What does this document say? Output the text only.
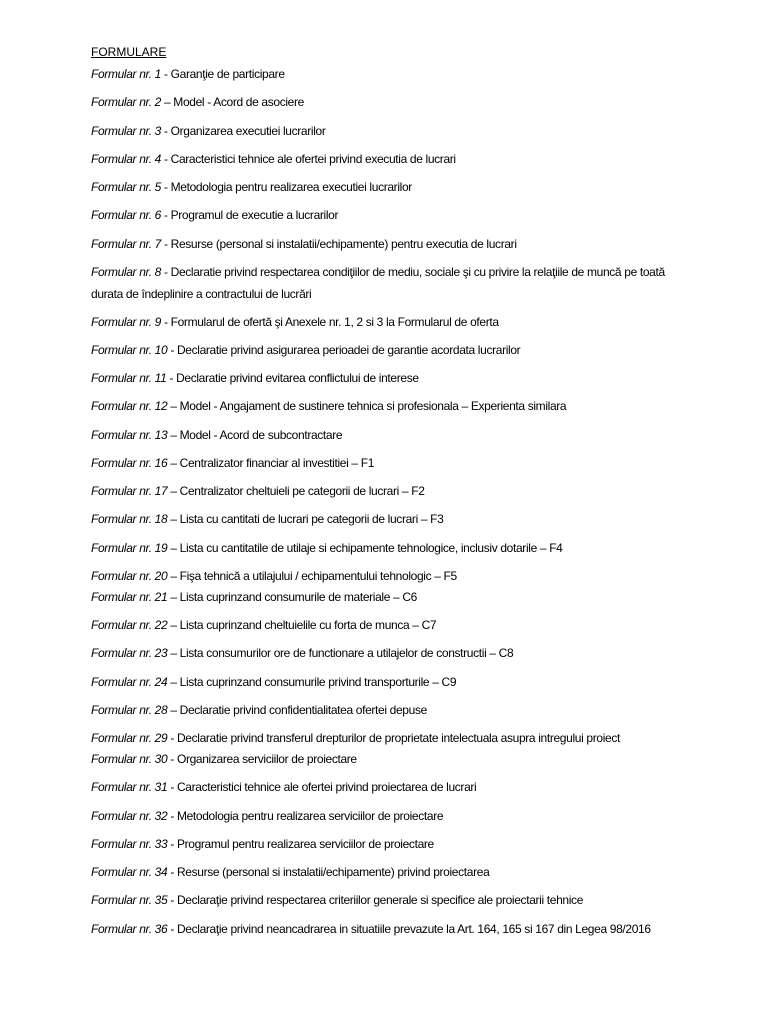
FORMULARE
Formular nr. 1 - Garanţie de participare
Formular nr. 2 – Model - Acord de asociere
Formular nr. 3 - Organizarea executiei lucrarilor
Formular nr. 4 - Caracteristici tehnice ale ofertei privind executia de lucrari
Formular nr. 5 - Metodologia pentru realizarea executiei lucrarilor
Formular nr. 6 - Programul de executie a lucrarilor
Formular nr. 7 - Resurse (personal si instalatii/echipamente) pentru executia de lucrari
Formular nr. 8 - Declaratie privind respectarea condiţiilor de mediu, sociale şi cu privire la relaţiile de muncă pe toată durata de îndeplinire a contractului de lucrări
Formular nr. 9 - Formularul de ofertă şi Anexele nr. 1, 2 si 3 la Formularul de oferta
Formular nr. 10 - Declaratie privind asigurarea perioadei de garantie acordata lucrarilor
Formular nr. 11 - Declaratie privind evitarea conflictului de interese
Formular nr. 12 – Model - Angajament de sustinere tehnica si profesionala – Experienta similara
Formular nr. 13 – Model - Acord de subcontractare
Formular nr. 16 – Centralizator financiar al investitiei – F1
Formular nr. 17 – Centralizator cheltuieli pe categorii de lucrari – F2
Formular nr. 18 – Lista cu cantitati de lucrari pe categorii de lucrari – F3
Formular nr. 19 – Lista cu cantitatile de utilaje si echipamente tehnologice, inclusiv dotarile – F4
Formular nr. 20 – Fişa tehnică a utilajului / echipamentului tehnologic – F5
Formular nr. 21 – Lista cuprinzand consumurile de materiale – C6
Formular nr. 22 – Lista cuprinzand cheltuielile cu forta de munca – C7
Formular nr. 23 – Lista consumurilor ore de functionare a utilajelor de constructii – C8
Formular nr. 24 – Lista cuprinzand consumurile privind transporturile – C9
Formular nr. 28 – Declaratie privind confidentialitatea ofertei depuse
Formular nr. 29 - Declaratie privind transferul drepturilor de proprietate intelectuala asupra intregului proiect
Formular nr. 30 - Organizarea serviciilor de proiectare
Formular nr. 31 - Caracteristici tehnice ale ofertei privind proiectarea de lucrari
Formular nr. 32 - Metodologia pentru realizarea serviciilor de proiectare
Formular nr. 33 - Programul pentru realizarea serviciilor de proiectare
Formular nr. 34 - Resurse (personal si instalatii/echipamente) privind proiectarea
Formular nr. 35 - Declaraţie privind respectarea criteriilor generale si specifice ale proiectarii tehnice
Formular nr. 36 - Declaraţie privind neancadrarea in situatiile prevazute la Art. 164, 165 si 167 din Legea 98/2016
